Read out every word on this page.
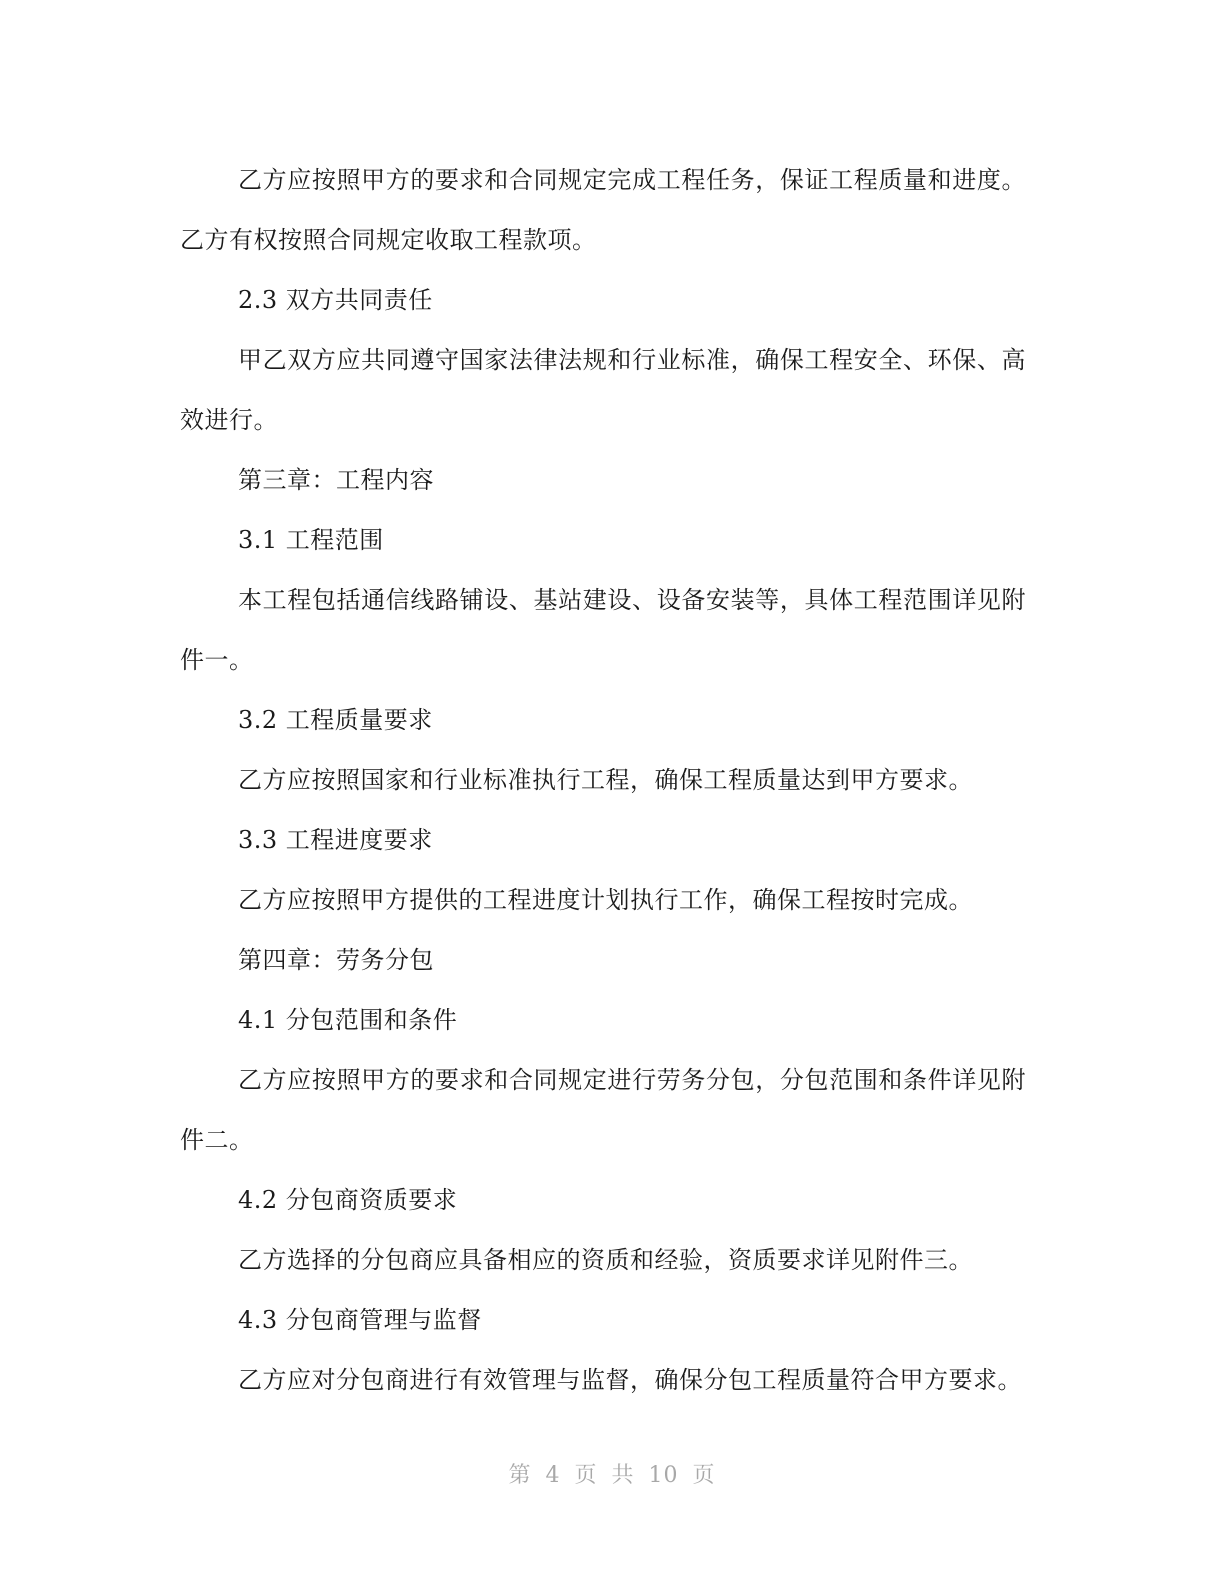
乙方应按照甲方的要求和合同规定完成工程任务，保证工程质量和进度。乙方有权按照合同规定收取工程款项。

2.3 双方共同责任

甲乙双方应共同遵守国家法律法规和行业标准，确保工程安全、环保、高效进行。

第三章：工程内容

3.1 工程范围

本工程包括通信线路铺设、基站建设、设备安装等，具体工程范围详见附件一。

3.2 工程质量要求

乙方应按照国家和行业标准执行工程，确保工程质量达到甲方要求。

3.3 工程进度要求

乙方应按照甲方提供的工程进度计划执行工作，确保工程按时完成。

第四章：劳务分包

4.1 分包范围和条件

乙方应按照甲方的要求和合同规定进行劳务分包，分包范围和条件详见附件二。

4.2 分包商资质要求

乙方选择的分包商应具备相应的资质和经验，资质要求详见附件三。

4.3 分包商管理与监督

乙方应对分包商进行有效管理与监督，确保分包工程质量符合甲方要求。

第 4 页 共 10 页
